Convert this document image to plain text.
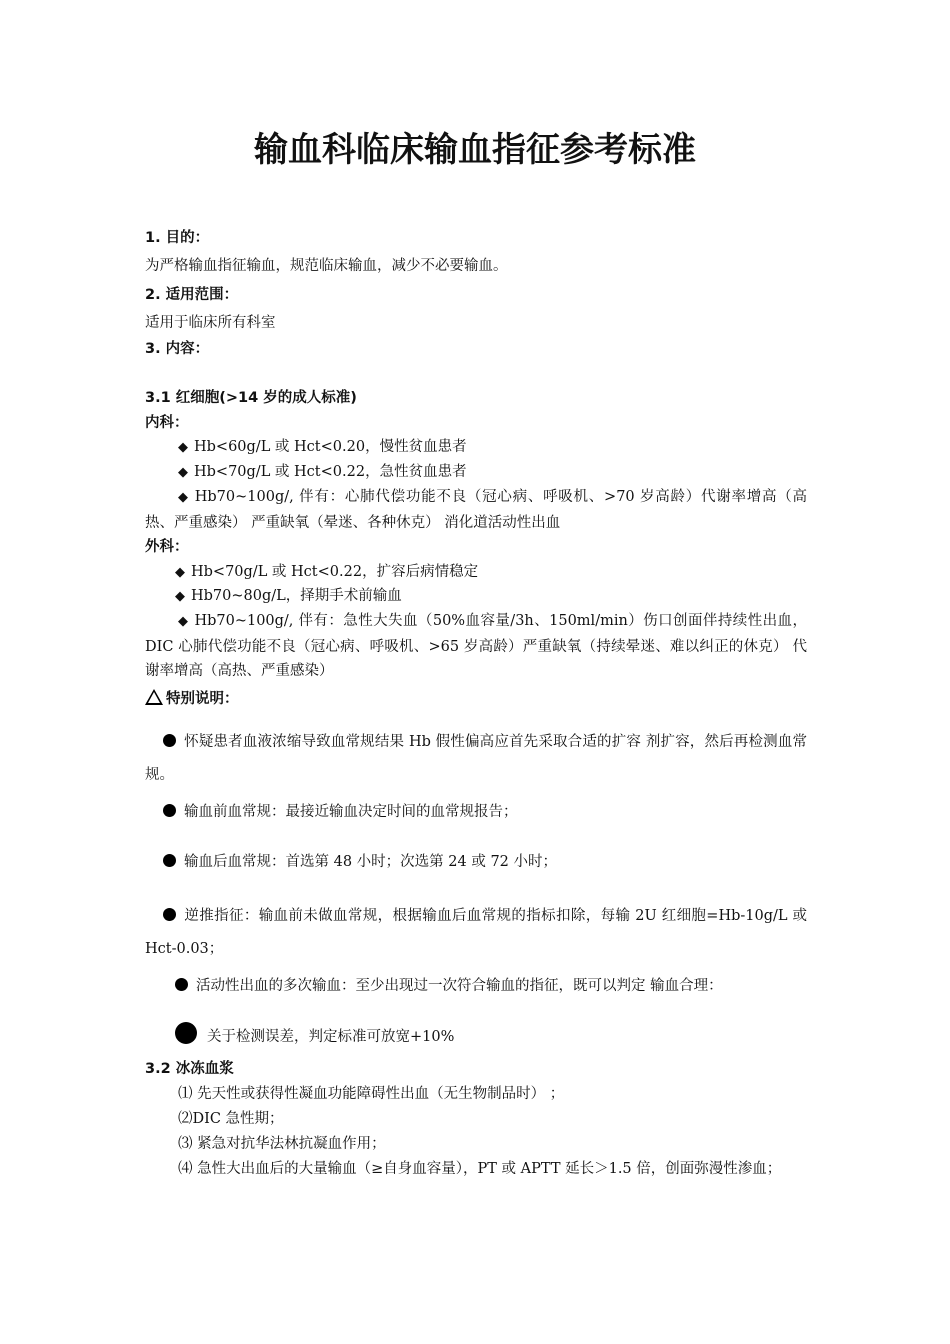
输血科临床输血指征参考标准
1. 目的：
为严格输血指征输血，规范临床输血，减少不必要输血。
2. 适用范围：
适用于临床所有科室
3. 内容：
3.1 红细胞(>14 岁的成人标准)
内科：
◆ Hb<60g/L 或 Hct<0.20，慢性贫血患者
◆ Hb<70g/L 或 Hct<0.22，急性贫血患者
◆ Hb70~100g/, 伴有：心肺代偿功能不良（冠心病、呼吸机、>70 岁高龄）代谢率增高（高热、严重感染） 严重缺氧（晕迷、各种休克） 消化道活动性出血
外科：
◆ Hb<70g/L 或 Hct<0.22，扩容后病情稳定
◆ Hb70~80g/L，择期手术前输血
◆ Hb70~100g/, 伴有：急性大失血（50%血容量/3h、150ml/min）伤口创面伴持续性出血，DIC 心肺代偿功能不良（冠心病、呼吸机、>65 岁高龄）严重缺氧（持续晕迷、难以纠正的休克） 代谢率增高（高热、严重感染）
特别说明：
怀疑患者血液浓缩导致血常规结果 Hb 假性偏高应首先采取合适的扩容 剂扩容，然后再检测血常规。
输血前血常规：最接近输血决定时间的血常规报告；
输血后血常规：首选第 48 小时；次选第 24 或 72 小时；
逆推指征：输血前未做血常规，根据输血后血常规的指标扣除，每输 2U 红细胞=Hb-10g/L 或 Hct-0.03；
活动性出血的多次输血：至少出现过一次符合输血的指征，既可以判定 输血合理：
关于检测误差，判定标准可放宽+10%
3.2 冰冻血浆
⑴ 先天性或获得性凝血功能障碍性出血（无生物制品时） ；
⑵DIC 急性期；
⑶ 紧急对抗华法林抗凝血作用；
⑷ 急性大出血后的大量输血（≥自身血容量），PT 或 APTT 延长＞1.5 倍，创面弥漫性渗血；
